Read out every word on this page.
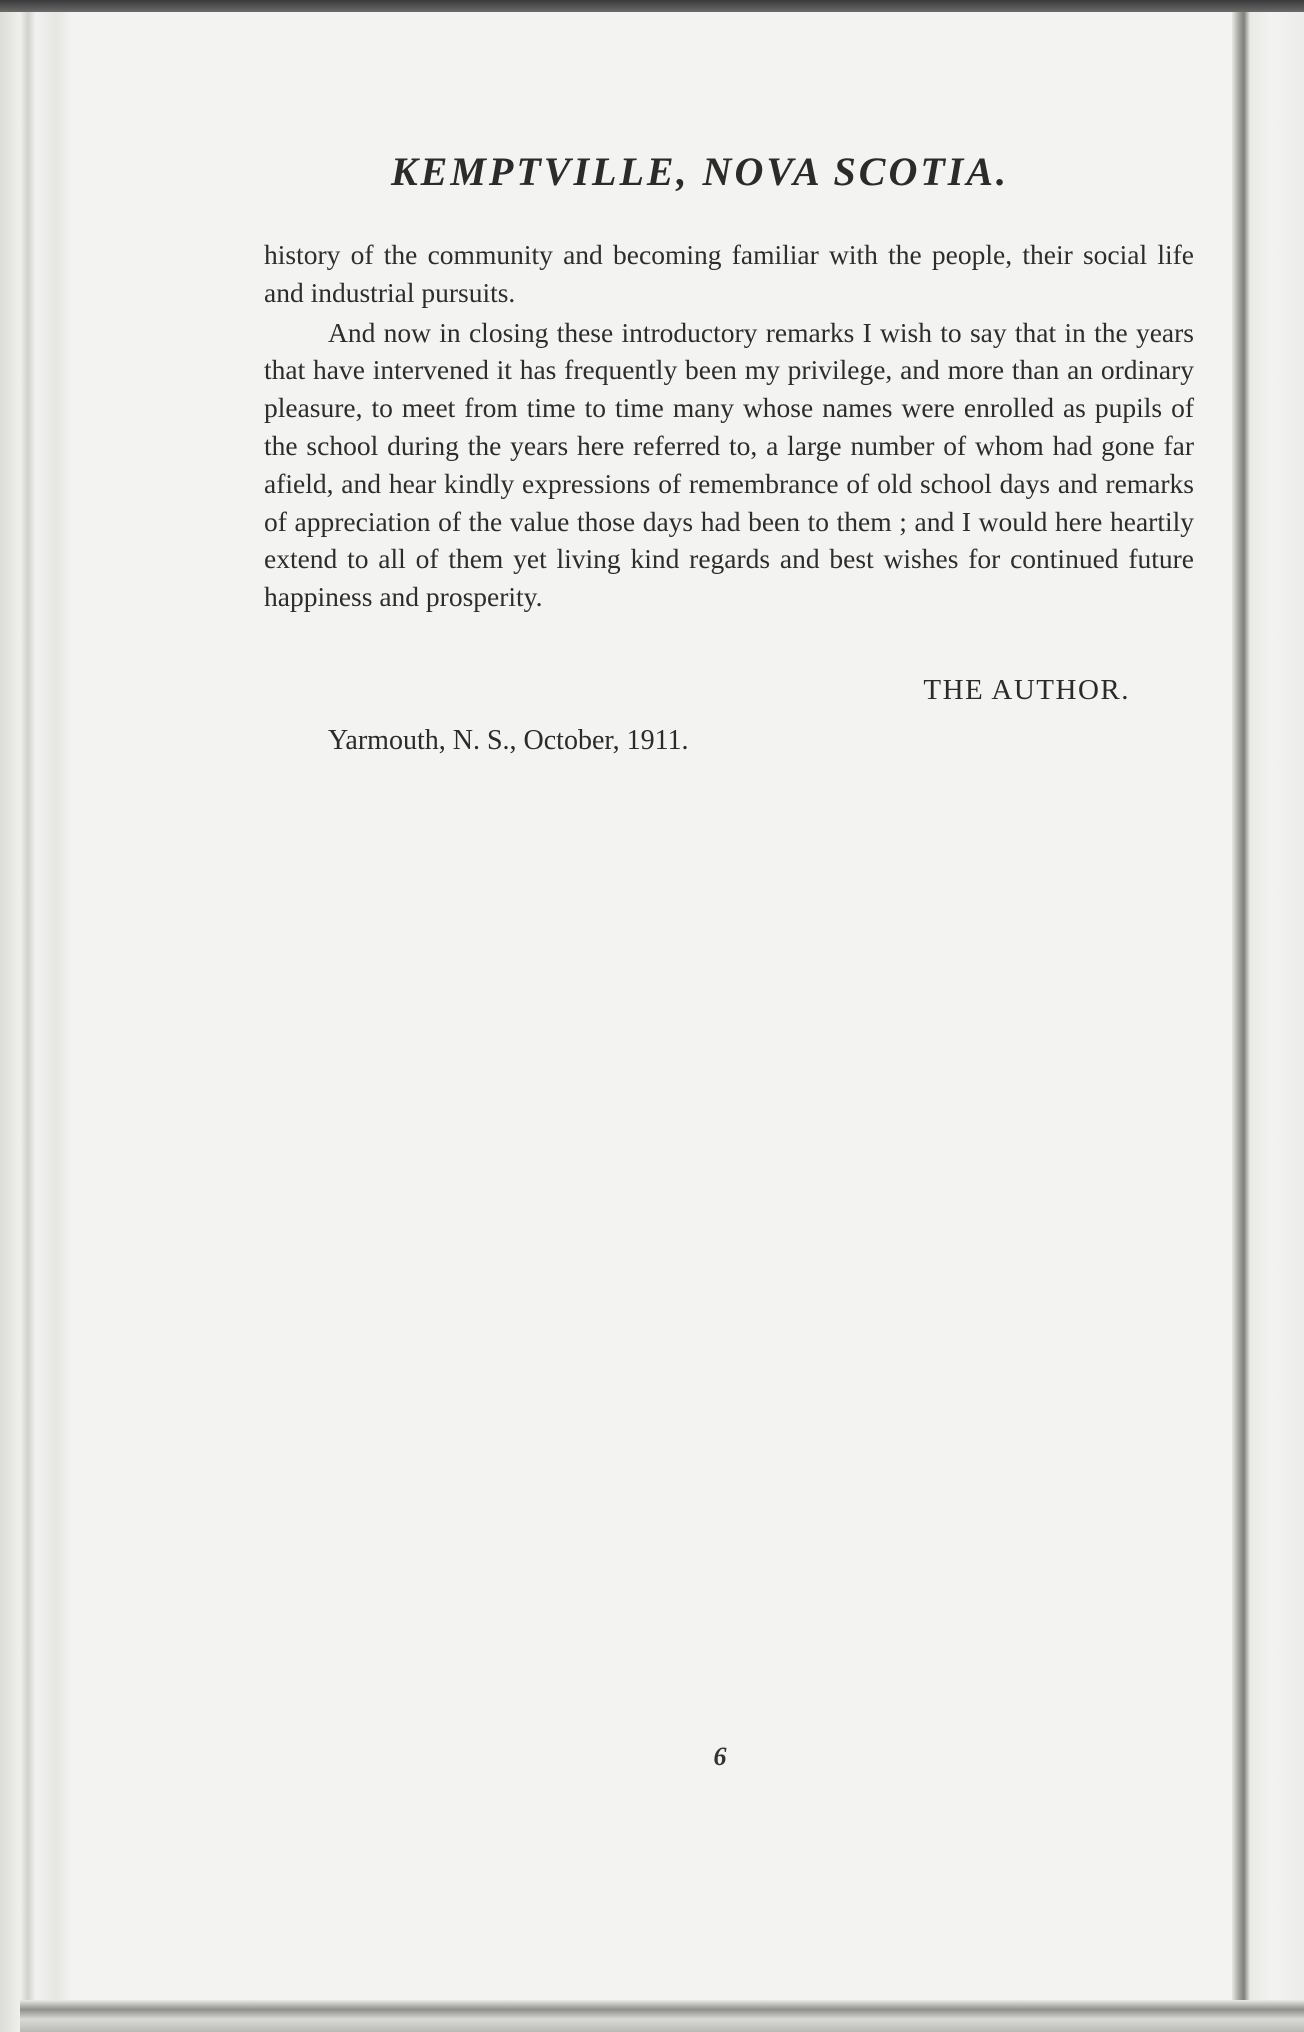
KEMPTVILLE, NOVA SCOTIA.

history of the community and becoming familiar with the people, their social life and industrial pursuits.

And now in closing these introductory remarks I wish to say that in the years that have intervened it has frequently been my privilege, and more than an ordinary pleasure, to meet from time to time many whose names were enrolled as pupils of the school during the years here referred to, a large number of whom had gone far afield, and hear kindly expressions of remembrance of old school days and remarks of appreciation of the value those days had been to them ; and I would here heartily extend to all of them yet living kind regards and best wishes for continued future happiness and prosperity.

THE AUTHOR.

Yarmouth, N. S., October, 1911.

6
